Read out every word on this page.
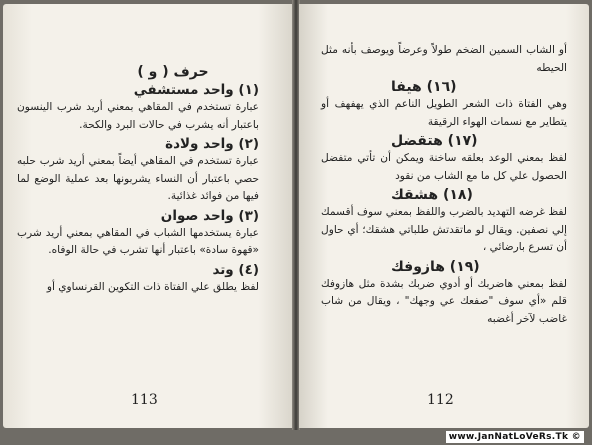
حرف ( و )
(١) واحد مستشفي

عبارة تستخدم في المقاهي بمعني أريد شرب الينسون باعتبار أنه يشرب في حالات البرد والكحة.

(٢) واحد ولادة

عبارة تستخدم في المقاهي أيضاً بمعني أريد شرب حلبه حصي باعتبار أن النساء يشربونها بعد عملية الوضع لما فيها من فوائد غذائية.

(٣) واحد صوان

عبارة يستخدمها الشباب في المقاهي بمعني أريد شرب «قهوة سادة» باعتبار أنها تشرب في حالة الوفاه.

(٤) وتد

لفظ يطلق علي الفتاة ذات التكوين القرنساوي أو

113

أو الشاب السمين الضخم طولاً وعرضاً ويوصف بأنه مثل الحيطه

(١٦) هيفا

وهي الفتاة ذات الشعر الطويل الناعم الذي يهفهف أو يتطاير مع نسمات الهواء الرقيقة

(١٧) هتقضل

لفظ بمعني الوعد بعلقه ساخنة ويمكن أن تأتي متفضل الحصول علي كل ما مع الشاب من نقود

(١٨) هشقك

لفظ غرضه التهديد بالضرب واللفظ بمعني سوف أقسمك إلي نصفين. ويقال لو ماتقدتش طلباتي هشقك؛ أي حاول أن تسرع بارضائي ،

(١٩) هازوفك

لفظ بمعني هاضربك أو أدوي ضربك بشدة مثل هازوفك قلم «أي سوف "صفعك عي وجهك" ، ويقال من شاب غاضب لآخر أغضبه

112
www.JanNatLoVeRs.Tk ©
